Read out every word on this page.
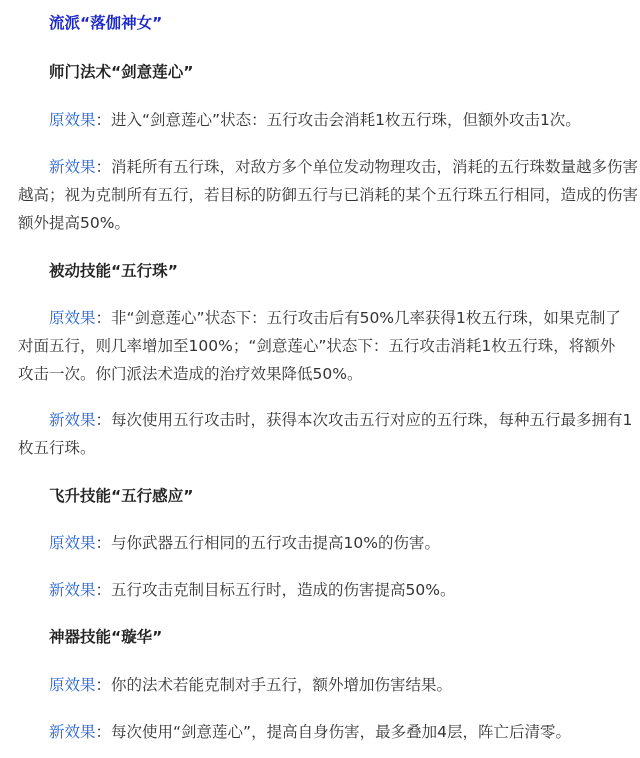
流派“落伽神女”
师门法术“剑意莲心”
原效果：进入“剑意莲心”状态：五行攻击会消耗1枚五行珠，但额外攻击1次。
新效果：消耗所有五行珠，对敌方多个单位发动物理攻击，消耗的五行珠数量越多伤害
越高；视为克制所有五行，若目标的防御五行与已消耗的某个五行珠五行相同，造成的伤害
额外提高50%。
被动技能“五行珠”
原效果：非“剑意莲心”状态下：五行攻击后有50%几率获得1枚五行珠，如果克制了
对面五行，则几率增加至100%；“剑意莲心”状态下：五行攻击消耗1枚五行珠，将额外
攻击一次。你门派法术造成的治疗效果降低50%。
新效果：每次使用五行攻击时，获得本次攻击五行对应的五行珠，每种五行最多拥有1
枚五行珠。
飞升技能“五行感应”
原效果：与你武器五行相同的五行攻击提高10%的伤害。
新效果：五行攻击克制目标五行时，造成的伤害提高50%。
神器技能“璇华”
原效果：你的法术若能克制对手五行，额外增加伤害结果。
新效果：每次使用“剑意莲心”，提高自身伤害，最多叠加4层，阵亡后清零。
